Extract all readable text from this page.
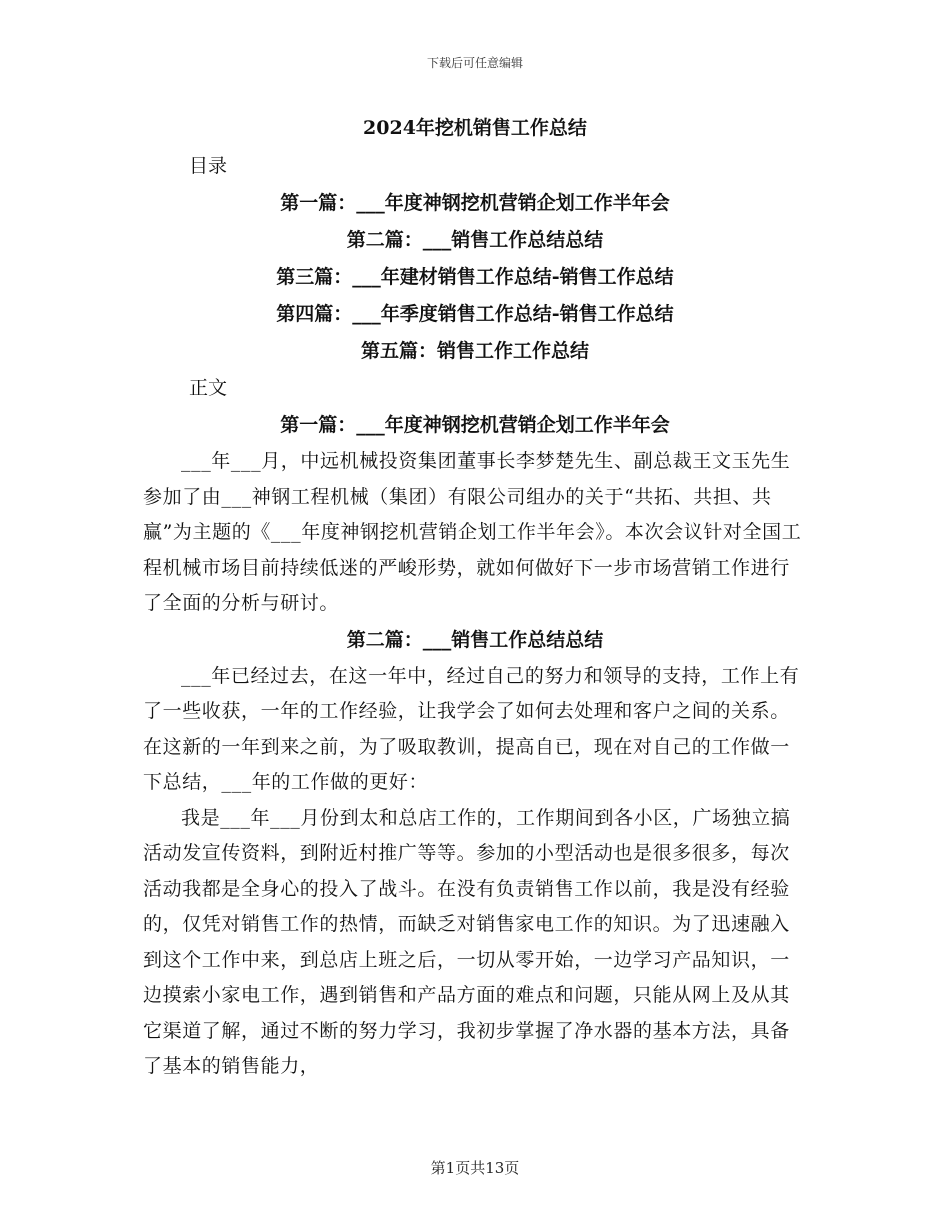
下载后可任意编辑
2024年挖机销售工作总结
目录
第一篇：___年度神钢挖机营销企划工作半年会
第二篇：___销售工作总结总结
第三篇：___年建材销售工作总结-销售工作总结
第四篇：___年季度销售工作总结-销售工作总结
第五篇：销售工作工作总结
正文
第一篇：___年度神钢挖机营销企划工作半年会

___年___月，中远机械投资集团董事长李梦楚先生、副总裁王文玉先生参加了由___神钢工程机械（集团）有限公司组办的关于“共拓、共担、共赢”为主题的《___年度神钢挖机营销企划工作半年会》。本次会议针对全国工程机械市场目前持续低迷的严峻形势，就如何做好下一步市场营销工作进行了全面的分析与研讨。

第二篇：___销售工作总结总结

___年已经过去，在这一年中，经过自己的努力和领导的支持，工作上有了一些收获，一年的工作经验，让我学会了如何去处理和客户之间的关系。在这新的一年到来之前，为了吸取教训，提高自已，现在对自己的工作做一下总结，___年的工作做的更好：

我是___年___月份到太和总店工作的，工作期间到各小区，广场独立搞活动发宣传资料，到附近村推广等等。参加的小型活动也是很多很多，每次活动我都是全身心的投入了战斗。在没有负责销售工作以前，我是没有经验的，仅凭对销售工作的热情，而缺乏对销售家电工作的知识。为了迅速融入到这个工作中来，到总店上班之后，一切从零开始，一边学习产品知识，一边摸索小家电工作，遇到销售和产品方面的难点和问题，只能从网上及从其它渠道了解，通过不断的努力学习，我初步掌握了净水器的基本方法，具备了基本的销售能力，

第1页共13页
